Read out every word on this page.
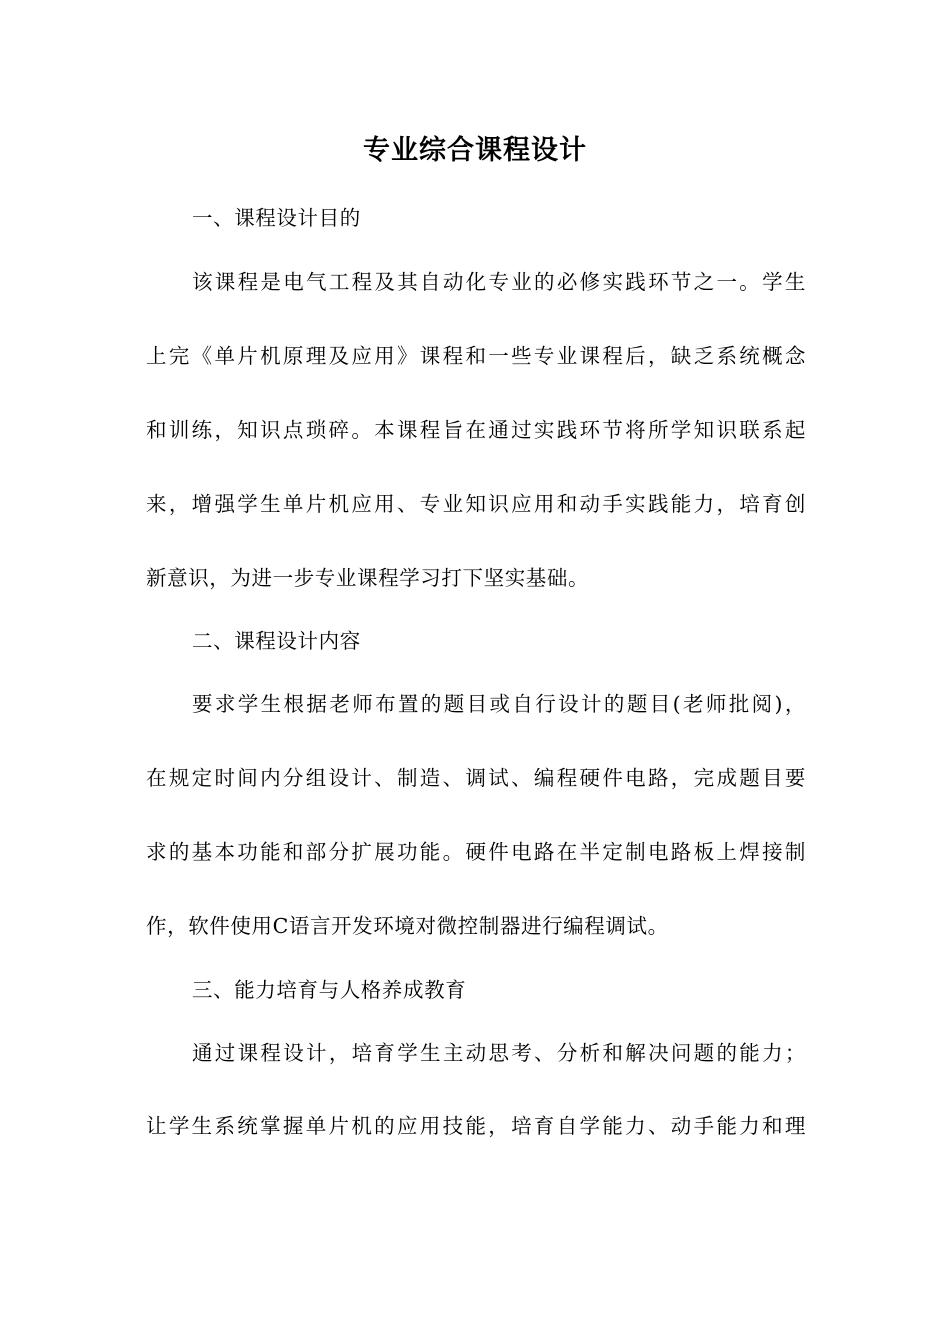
专业综合课程设计
一、课程设计目的
该课程是电气工程及其自动化专业的必修实践环节之一。学生
上完《单片机原理及应用》课程和一些专业课程后，缺乏系统概念
和训练，知识点琐碎。本课程旨在通过实践环节将所学知识联系起
来，增强学生单片机应用、专业知识应用和动手实践能力，培育创
新意识，为进一步专业课程学习打下坚实基础。
二、课程设计内容
要求学生根据老师布置的题目或自行设计的题目(老师批阅)，
在规定时间内分组设计、制造、调试、编程硬件电路，完成题目要
求的基本功能和部分扩展功能。硬件电路在半定制电路板上焊接制
作，软件使用C语言开发环境对微控制器进行编程调试。
三、能力培育与人格养成教育
通过课程设计，培育学生主动思考、分析和解决问题的能力；
让学生系统掌握单片机的应用技能，培育自学能力、动手能力和理
